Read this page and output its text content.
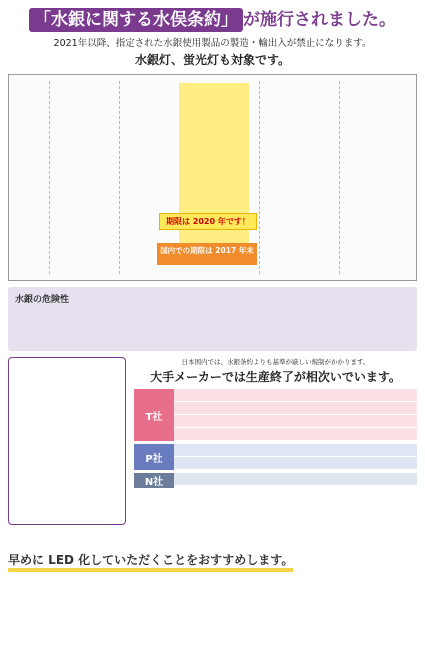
「水銀に関する水俣条約」 が施行されました。
2021年以降、指定された水銀使用製品の製造・輸出入が禁止になります。
水銀灯、蛍光灯も対象です。
期限は 2020 年です！
国内での期限は 2017 年末
水銀の危険性
日本国内では、水銀条約よりも基準が厳しい規制がかかります。
大手メーカーでは生産終了が相次いでいます。
T社
P社
N社
早めに LED 化していただくことをおすすめします。
